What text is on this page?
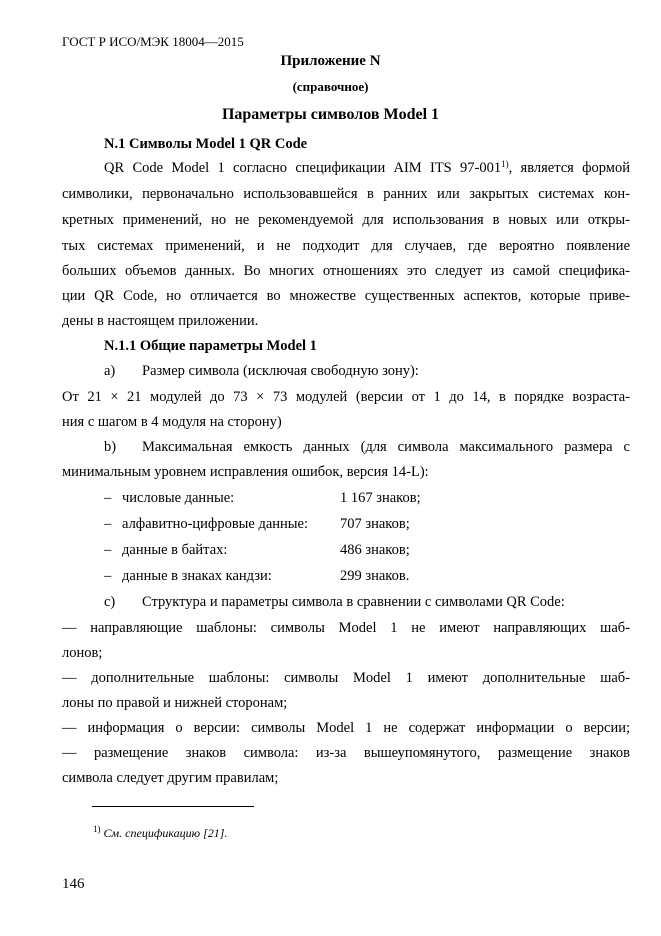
ГОСТ Р ИСО/МЭК 18004—2015
Приложение N
(справочное)
Параметры символов Model 1
N.1 Символы Model 1 QR Code
QR Code Model 1 согласно спецификации AIM ITS 97-001$^{1)}$, является формой
символики, первоначально использовавшейся в ранних или закрытых системах кон-
кретных применений, но не рекомендуемой для использования в новых или откры-
тых системах применений, и не подходит для случаев, где вероятно появление
больших объемов данных. Во многих отношениях это следует из самой специфика-
ции QR Code, но отличается во множестве существенных аспектов, которые приве-
дены в настоящем приложении.
N.1.1 Общие параметры Model 1
a) Размер символа (исключая свободную зону):
От 21 × 21 модулей до 73 × 73 модулей (версии от 1 до 14, в порядке возраста-
ния с шагом в 4 модуля на сторону)
b) Максимальная емкость данных (для символа максимального размера с
минимальным уровнем исправления ошибок, версия 14-L):
– числовые данные:	1 167 знаков;
– алфавитно-цифровые данные: 707 знаков;
– данные в байтах:	486 знаков;
– данные в знаках кандзи:	299 знаков.
c) Структура и параметры символа в сравнении с символами QR Code:
— направляющие шаблоны: символы Model 1 не имеют направляющих шаб-
лонов;
— дополнительные шаблоны: символы Model 1 имеют дополнительные шаб-
лоны по правой и нижней сторонам;
— информация о версии: символы Model 1 не содержат информации о версии;
— размещение знаков символа: из-за вышеупомянутого, размещение знаков
символа следует другим правилам;
$^{1)}$ См. спецификацию [21].
146
